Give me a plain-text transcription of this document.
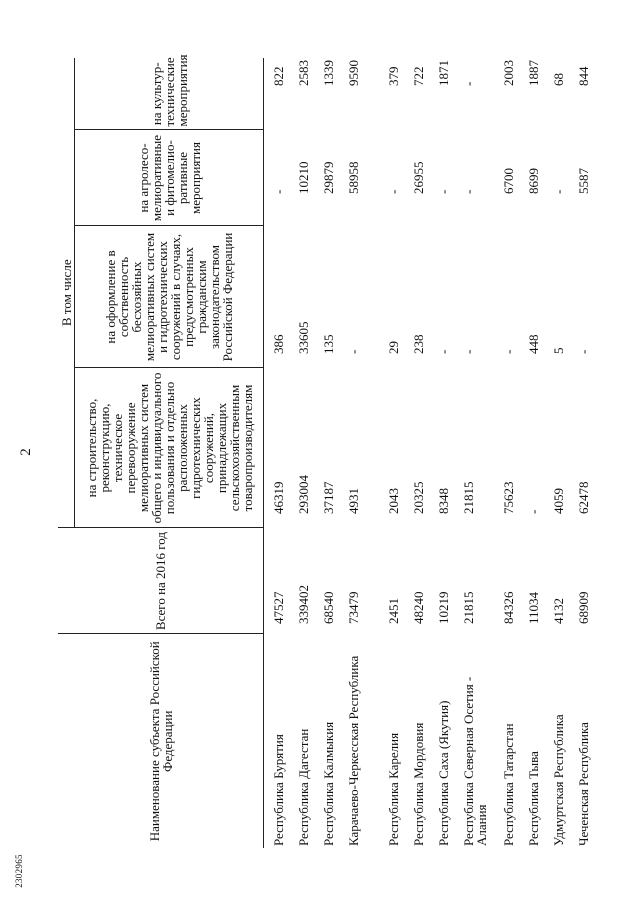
2
2302965
Наименование субъекта Российской Федерации	Всего на 2016 год	В том числе			
		на строительство, реконструкцию, техническое перевооружение мелиоративных систем общего и индивидуального пользования и отдельно расположенных гидротехнических сооружений, принадлежащих сельскохозяйственным товаропроизводителям	на оформление в собственность бесхозяйных мелиоративных систем и гидротехнических сооружений в случаях, предусмотренных гражданским законодательством Российской Федерации	на агролесо-мелиоративные и фитомелио-ративные мероприятия	на культур-технические мероприятия
Республика Бурятия	47527	46319	386	-	822
Республика Дагестан	339402	293004	33605	10210	2583
Республика Калмыкия	68540	37187	135	29879	1339
Карачаево-Черкесская Республика	73479	4931	-	58958	9590
Республика Карелия	2451	2043	29	-	379
Республика Мордовия	48240	20325	238	26955	722
Республика Саха (Якутия)	10219	8348	-	-	1871
Республика Северная Осетия - Алания	21815	21815	-	-	-
Республика Татарстан	84326	75623	-	6700	2003
Республика Тыва	11034	-	448	8699	1887
Удмуртская Республика	4132	4059	5	-	68
Чеченская Республика	68909	62478	-	5587	844
